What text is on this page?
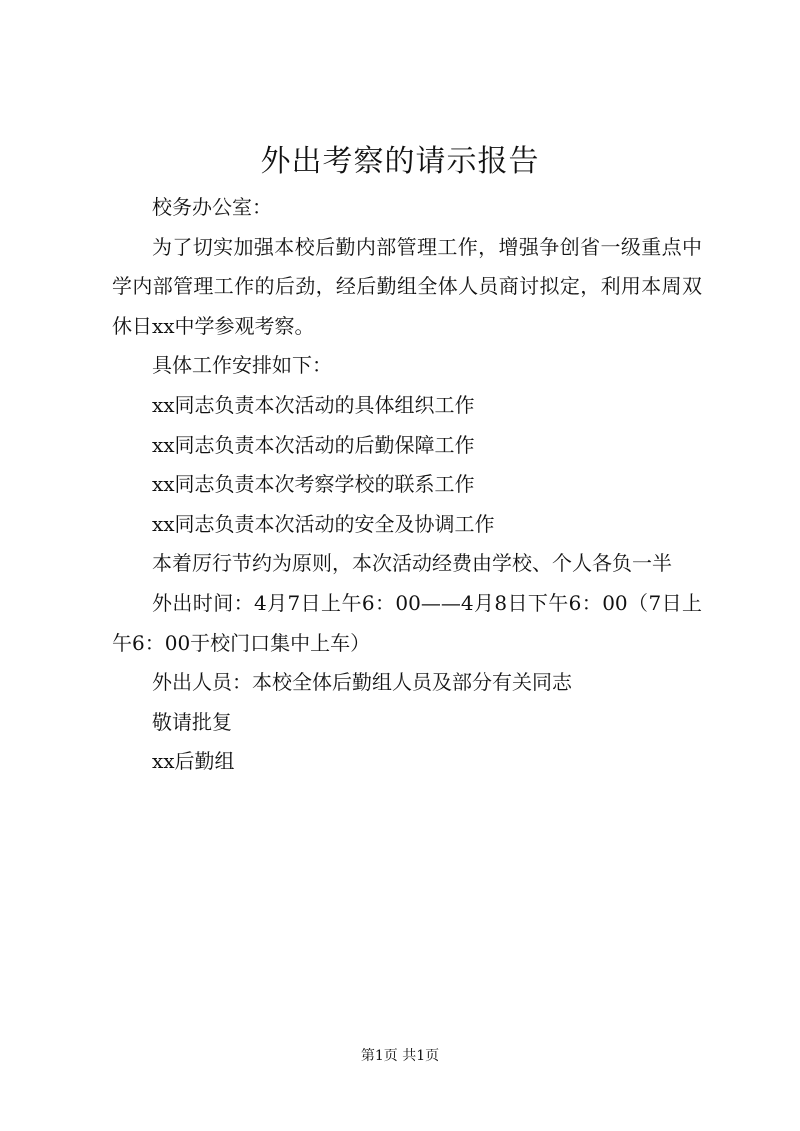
外出考察的请示报告

校务办公室：

为了切实加强本校后勤内部管理工作，增强争创省一级重点中学内部管理工作的后劲，经后勤组全体人员商讨拟定，利用本周双休日xx中学参观考察。

具体工作安排如下：

xx同志负责本次活动的具体组织工作

xx同志负责本次活动的后勤保障工作

xx同志负责本次考察学校的联系工作

xx同志负责本次活动的安全及协调工作

本着厉行节约为原则，本次活动经费由学校、个人各负一半

外出时间：4月7日上午6：00——4月8日下午6：00（7日上午6：00于校门口集中上车）

外出人员：本校全体后勤组人员及部分有关同志

敬请批复

xx后勤组

第1页 共1页
